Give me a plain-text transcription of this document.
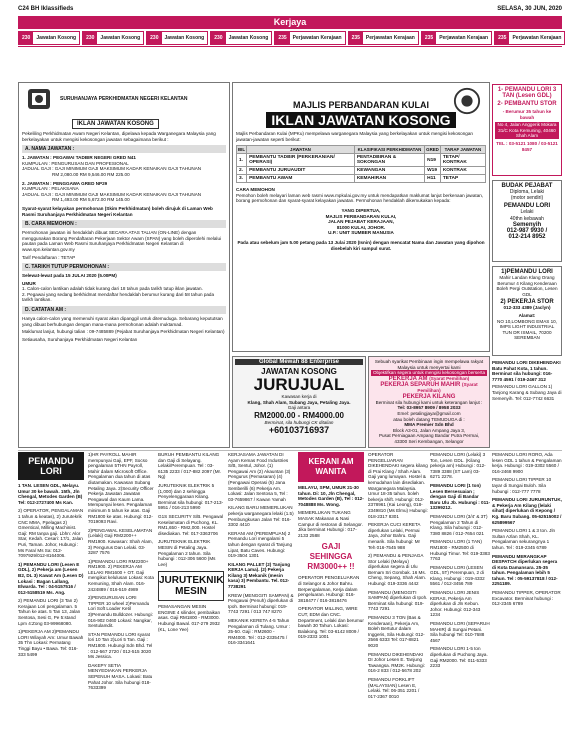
C24 BH Iklassifieds	SELASA, 30 JUN, 2020
Kerjaya
230	Jawatan Kosong	230	Jawatan Kosong	230	Jawatan Kosong	230	Jawatan Kosong	235	Perjawatan Kerajaan	235	Perjawatan Kerajaan	235	Perjawatan Kerajaan	235	Perjawatan Kerajaan
SURUHANJAYA PERKHIDMATAN NEGERI KELANTAN
IKLAN JAWATAN KOSONG
Pekeliling Perkhidmatan Awam Negeri Kelantan, dipelawa kepada Warganegara Malaysia yang berkelayakan untuk mengisi kekosongan jawatan sebagaimana berikut :
A. NAMA JAWATAN :
1. JAWATAN : PEGAWAI TADBIR NEGERI GRED N41
KUMPULAN : PENGURUSAN DAN PROFESIONAL
JADUAL GAJI : GAJI MINIMUM GAJI MAKSIMUM KADAR KENAIKAN GAJI TAHUNAN
RM 2,080.00 RM 9,546.00 RM 225.00
2. JAWATAN : PENGGAWA GRED NP29
KUMPULAN : PELAKSANA
JADUAL GAJI : GAJI MINIMUM GAJI MAKSIMUM KADAR KENAIKAN GAJI TAHUNAN
RM 1,493.00 RM 5,672.00 RM 145.00
Syarat-syarat kelayakan permohonan (Skim Perkhidmatan) boleh dirujuk di Laman Web Rasmi Suruhanjaya Perkhidmatan Negeri Kelantan
B. CARA MEMOHON :
Permohonan jawatan ini hendaklah dibuat SECARA ATAS TALIAN (ON-LINE) dengan menggunakan Borang Pendaftaran Pekerjaan Sektor Awam (SPAN) yang boleh diperolehi melalui pautan pada Laman Web Rasmi Suruhanjaya Perkhidmatan Negeri Kelantan di www.spn.kelantan.gov.my
Tarif Pendaftaran : TETAP
C. TARIKH TUTUP PERMOHONAN :
Selewat-lewat pada 15 JULAI 2020 (5.00PM)
UMUR
1. Calon-calon lantikan adalah tidak kurang dari 18 tahun pada tarikh tutup iklan jawatan.
2. Pegawai yang sedang berkhidmat mendaftar hendaklah berumur kurang dari 58 tahun pada tarikh lantikan.
D. CATATAN AM :
Hanya calon-calon yang memenuhi syarat akan dipanggil untuk ditemuduga. Sebarang kepututsan yang dibuat berhubungan dengan mana-mana permohonan adalah muktamad.
Maklumat lanjut, hubungi talian : 09-7485889 (Pejabat Suruhanjaya Perkhidmatan Negeri Kelantan)
Setiausaha, Suruhanjaya Perkhidmatan Negeri Kelantan
MAJLIS PERBANDARAN KULAI
IKLAN JAWATAN KOSONG
Majlis Perbandaran Kulai (MPKu) mempelawa warganegara Malaysia yang berkelayakan untuk mengisi kekosongan jawatan-jawatan seperti berikut:
BIL	JAWATAN	KLASIFIKASI PERKHIDMATAN	GRED	TARAF JAWATAN
1.	PEMBANTU TADBIR (PERKERANIAN/ OPERASI)	PENTADBIRAN & SOKONGAN	N19	TETAP/ KONTRAK
2.	PEMBANTU JURUAUDIT	KEWANGAN	W19	KONTRAK
3.	PEMBANTU AWAM	KEMAHIRAN	H11	TETAP
CARA MEMOHON
Pemohon boleh melayari laman web rasmi www.mpkulai.gov.my untuk mendapatkan maklumat lanjut berkenaan jawatan, borang permohonan dan syarat-syarat kelayakan jawatan. Permohonan hendaklah dikemukakan kepada:
YANG DIPERTUA,
MAJLIS PERBANDARAN KULAI,
JALAN PEJABAT KERAJAAN,
81000 KULAI, JOHOR.
U.P.: UNIT SUMBER MANUSIA
Pada atau sebelum jam 5.00 petang pada 13 Julai 2020 (Isnin) dengan mencatat Nama dan Jawatan yang dipohon disebelah kiri sampul surat.
Global Mewah 88 Enterprise
JAWATAN KOSONG
JURUJUAL
Kawasan kerja di
Klang, Shah Alam, Subang Jaya, Petaling Jaya.
Gaji antara
RM2000.00 - RM4000.00
Berminat, sila hubungi CK ditalian
+60103716937
Sebuah syarikat Pembinaan ingin mempelawa rakyat Malaysia untuk menyertai kami
Objektifkan segera untuk mengisi kekosongan berserta
PEKERJA AM (Syarat Pemilihan)
PEKERJA SEPARUH MAHIR (Syarat Pemilihan)
PEKERJA KILANG
Berminat sila hubungi kami untuk keterangan lanjut :
Tel: 03-8957 8909 / 8958 2033
Emel: petalingjaya@gmail.com
atau boleh datang TEMUDUGA di :
MMA Premier Sdn Bhd
Block A3-01, Jalan Ampang Jaya 3,
Pusat Perniagaan Ampang Bandar Putra Permai,
43300 Seri Kembangan, Selangor
1- PEMANDU LORI 3 TAN (Lesen GDL)
2- PEMBANTU STOR
- Berumur 35 tahun ke bawah
No 4, Jalan Anggerik Mokara 31/C Kota Kemuning, 40460 Shah Alam
TEL : 03-5121 1080 / 03-5121 8457
BUDAK PEJABAT
Diploma, Lelaki
(motor sendiri)
PEMANDU LORI
Lelaki
40thn kebawah
Semenyih
012-987 9930 /
012-214 8952
1)PEMANDU LORI
Mahir Landan Klang Orang Berumur 4 Kilang Kenderaan Boleh Pergi Outstation, Lesen GDL
2) PEKERJA STOR
012-333 4389 (Jaclyn)
Alamat:
NO 10,LOMBONG EMAS 10, IMPS LIGHT INDUSTRIAL TUN DR ISMAIL, 70200 SEREMBAN
PEMANDU LORI DIKEHENDAKI Batu Pahat Kota, 1 tahun. Berminat sila hubungi: 016-7770 4591 / 019-2467 312
PEMANDU LORI GALLON 1) Tanjong Karang & Subang Jaya di Semenyih. Tel: 012-7742 6631
PEMANDU LORI
1 TAN. LESEN GDL, Melayu. Umur 30 ke bawah. 15th, Jln Chengal, Metodes Garden (B) Tel: 012-2727400 Ms Kan.
2) OPERATOR, PENGALAMAN 1 tahun & keatas), 2) Jurutekrik CNC MMA, Ppelagas 2) Gmentical, Milling Machinist. Gaji: RM tanpa gaji. Lbhn: Alor Star, Kedah. Cesari: 17/1, Jalan Puri, Taman. Johor, Hubungi : Ms Fara/ Ms Sa: 012-7097929/012-8164006.
1) PEMANDU LORI (Lesen E GDL), 2) Pekerja am (Lesen B2, DL 3) Kawat Am (Lesen D) Lokasi : Bagan Lallang, Elwarda. Tel : 04-5157516 / 012-5158519 Ms. Ang.
2) PEMANDU LORI (3 Tan 2) Kerajaan Lori pengalaman. 5 Tahun ke atas. 5 Tan 13, Jalan Sentosa, Sesi G, Pe 5:stand Lpm 4:Zong 03-99968080.
1)PEKERJA AM 2)PEMANDU LORI Wilayah Am: Umur Bawah 35 Thn Lokasi: Pernatang Tinggi Bayu • Bawa. Tel: 016-333 5499
1)HR PAYROLL MAHIR mempunyai Gaji, EPF, Socso pengalaman 5THN Payroll, Mahir dalam Microsoft Office. Pengalaman dua tahun di atas diutamakan. Kawasan Subang Petaling Jaya. 2)Security Officer Pekerja Jawatan Jawatan Pengawal dan Kaum Lama. Mempunyai lesen. Pengalaman minimum 5 tahun ke atas. Gaji RM1800 ke atas. Hubungi: 012-7019093 Ravi.
2)PENGAWAL KESELAMATAN (Lelaki) Gaji RM2200++ RM1900. Kawasan: Shah Alam, 3) Pengurus Dan Lelaki. 03-3287 7576
1)PEMANDU LORI RM2200+ RM1900. 2) PEKERJA AM LELAKI RM1600 + OT. Gaji mengikut kelulusan Lokasi: Kota Kemuning, Shah Alam. 016-2424889 / 016-519 4989
2)PENGURUSAN LORI TIPPER 10 wheel 2)Pemandu Lori Soft Loader Ketil 3)Pemandu Bulldozer. Hubungi: 016-902 0460 Lokasi: Nangkar, Sentulamdit.
STAN PEMANDU LORI syarat lori 10 Tan 2)Lori 5 Tan. Gaji : RM1800. Hubungi Sdn Bhd. Tel : 012-567 2720 / 012-515 3020 Ms Jessica.
DAKEPY SETIA MENYEDIAKAN PERKERJA SEPENUH MASA. Lokasi: Batu Pahat Johor. Sila hubungi 018-7633399
BURUH PEMBANTU KILANG dan Gaji di Selayang. Lelaki/Perempuan. Tel : 03-6135 2233 / 017-882 2097 (Mr. Ng)
JURUTEKNIK ELEKTRIK 5 (1,000) dan 2 sehingga Penyelenggaraan Kilang. Berminat sila hubungi: 017-213-5951 / 016-213 5990
G1S SECURITY S/B. Pengawal Keselamatan di Puchong, KL. RM1,650 - RM2,000. Hostel disediakan. Tel: 017-3363706
JURUTEKNIK ELEKTRIK MESIN di Petaling Jaya. Pengalaman 2 tahun. Sila hubungi : 012-306 5600 (Ms Lee)
JURUTEKNIK
MESIN
PEMASANGAN MESIN ENGINE 4 silinder, pembaikan asas. Gaji RM1800 - RM3000. Hubungi Bawal. 017-279 2932 (KL, Lone Yee)
KERJASAMA JAWATAN DI Ayam Kemas Food Industries S/B, Sentul, Johor. (1) Pengawai Am (2) Akauntan (3) Pengurus (Pemasaran) (4) (Pengawai Operasi (5) Jana Semberilli (6) Pekerja Am. Lokasi: Jalan Sentosa 5, Tel : 03-7659867 / Kawan Yamah
KILANG BARU MEMERLUKAN pekerja warganegara lelaki (1.5) Pembungkusan Jalan Tel: 016-3302 4410
KERANI AM (PEREMPUAN) 2 Pemandu Lori mengalami 5 tahun dengan syarat di Tanjung Lipat, Batu Caves. Hubungi: 019-3504 1301
KILANG PALLET (2) Tanjung KERJA Lama). (2) Pekerja Kilang 3) Mekanik (mesin kasa) 3) Pembantu. Tel. 012-7738291
KREW (MENGGITI SAMPAN) & Pengawai (Penuh) diperlukan di Ipoh. Berminat hubungi: 019-7743 7291 / 013 747 8270
MEKANIK KERETA 4-5 Tahun Pengalaman di Tulang. Umur : 25-50. Gaji : RM2600 - RM4000. Tel : 012-2335475 / 016-3341641
KERANI AM
WANITA
MELAYU, SPM, UMUR 21-30 tahun. Di: 10, Jln Chengal, Metodes Garden (B), Tel : 012-7048888 Ms. Wong.
MEMERLUKAN TUKANG MASAK Makanan & Nasi Campur di restoran di Selangor. Jika berminat Hubungi : 017-2133 2588
GAJI
SEHINGGA
RM3000++ !!
OPERATOR PENGELUARAN di Selangor & Johor Bahru. Berpengalaman, Kerja dalam pengeluaran. Hubungi: 016-3818477 / 016-3818476
OPERATOR MILLING, WIRE CUT, EDM dan CNC. Department, Lelaki dan berumur bawah 30 Tahun. Lokasi: Balakong. Tel: 03-6142 8009 / 019-2333 1001
OPERATOR PENGELUARAN DIKEHENDAKI segera kilang di Prai Klang / Shah Alam. Gaji yang lumayan. Hostel & kemudahan lain disediakan. Warganegara Malaysia. Umur 18-35 tahun. boleh bekerja shift. Hubungi: 012-2378961 (Kai Leong), 018-2349810 (Ms Elmu) Hubungi: 018-2317 8301
PEKERJA CUCI KERETA diperlukan Lelaki, Permai Jaya, Johor Bahru. Gaji menarik. Sila hubungi: Mr Teh 016-7545 988
2) PEMANDU & PENJAGA Stor Lelaki (Melayu) diperlukan segera di Ulu Bernam Sri Gombak. 16 Ms. Cheng, Sepang, Shah Alam. Hubungi: 019-3336 4442
PEMANDU (MENGGITI SAMPAN) diperlukan di Ipoh. Berminat sila hubungi: 019-7743 7291
PEMANDU 3 TON (Bas & Kenderaan), Pekerja Am, Boleh Bertutur dalam Inggeris, Sila Hubungi: 012-2566 6333 Tel: 017-8821 9020
PEMANDU DIKEHENDAKI DI Johor Lesen E. Tanjung Tawangsa. RM2K. Hubungi: 016-2 833 / 012-5678 202
PEMANDU FORKLIFT (MALAYSIAN) Lesen E, Lelaki. Tel: 06-351 2201 / 017-2367 0010
PEMANDU LORI (Lelaki) 3 Ton, Lesen GDL. (Kilang pekerja am) Hubungi : 012-7389 3388 (ST Lam) 03-6271 2278.
PEMANDU LORI (1 ton) Lesen Bersesuaian ; dengan Gaji di Bandar Baru Ulu Jb. Hubungi : 011-13299212.
PEMANDU LORI (3/4' & 3T) Pengalaman 2 Tahun di Klang. Sila hubungi : 012-7380 8826 / 012-7654 021
PEMANDU LORI (1 TAN) RM1800 - RM2500 di Hubungi Timur. Tel: 019-3383 7763
PEMANDU LORI (LESEN GDL, 5T) Perempuan, 2 di Klang. Hubungi : 019-4332 5561 / 012-3456 789
PEMANDU LORI JENIS KERAS, Pekerja Am diperlukan di Jln Kebun. Johor. Hubungi: 012-343 1234
PEMANDU LORI (SEPARUH MAHIR) di Sungai Petani. Sila hubungi Tel: 010-7688 4567
PEMANDU LORI 1-5 ton diperlukan di Puchong Jaya. Gaji RM2000. Tel: 011-5333 2233
PEMANDU LORI RORO, Ada lesen GDL 1 tahun & Pengalaman kerja. Hubungi : 019-3302 5560 / 016-2468 9900
PEMANDU LORI TIPPER 10 tayar di Sungai Buloh. Sila hubungi : 012-777 7778
PEMANDU LORI JURURUNTUK, & Pekerja Am Kilang (lelaki sihat) diperlukan di Kepong / Kg. Baru Subang. 05-62515002 / 625899567
PEMANDU LORI 1 & 3 ton. Jln Sultan Azlan Shah, KL. Pengalaman sekurangnya 1 tahun. Tel : 019-2345 6789
PEMANDU MERANGKAP DESPATCH diperlukan segera di Kota Damansara. 25-35 tahun. Pengalaman lebih 5 tahun. Tel : 05-59137818 / 012-2251189.
PEMANDU TIPPER, OPERATOR Excavator. Berminat hubungi : 012-2345 6789
